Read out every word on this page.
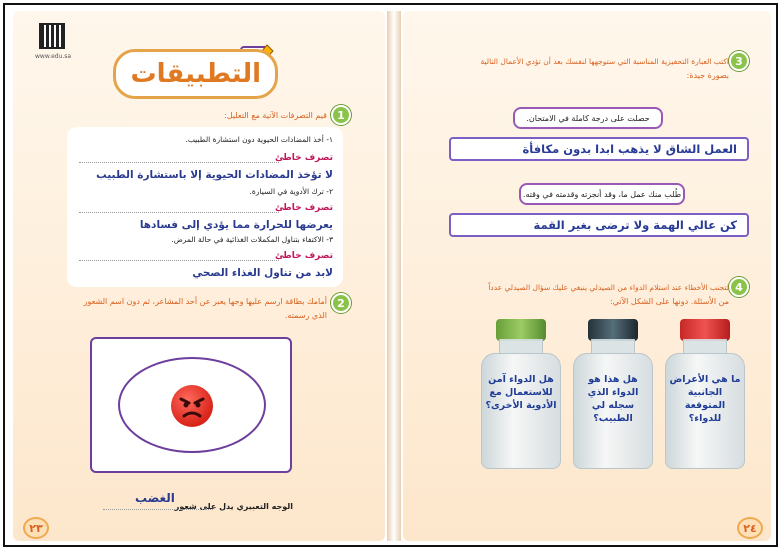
www.edu.sa
التطبيقات
1
قيم التصرفات الآتية مع التعليل:
١- أخذ المضادات الحيوية دون استشارة الطبيب.
تصرف خاطئ
لا تؤخذ المضادات الحيوية إلا باستشارة الطبيب
٢- ترك الأدوية في السيارة.
تصرف خاطئ
يعرضها للحرارة مما يؤدي إلى فسادها
٣- الاكتفاء بتناول المكملات الغذائية في حالة المرض.
تصرف خاطئ
لابد من تناول الغذاء الصحي
2
أمامك بطاقة ارسم عليها وجها يعبر عن أحد المشاعر، ثم دون اسم الشعور
الذي رسمته.
الوجه التعبيري يدل على شعور
الغضب
٢٣
3
اكتب العبارة التحفيزية المناسبة التي ستوجهها لنفسك بعد أن تؤدي الأعمال التالية
بصورة جيدة:
حصلت على درجة كاملة في الامتحان.
العمل الشاق لا يذهب ابدا بدون مكافأة
طُلب منك عمل ما، وقد أنجزته وقدمته في وقته.
كن عالي الهمة ولا ترضى بغير القمة
4
لتجنب الأخطاء عند استلام الدواء من الصيدلي ينبغي عليك سؤال الصيدلي عدداً
من الأسئلة. دونها على الشكل الآتي:
ما هي الأعراض الجانبية المتوقعة للدواء؟
هل هذا هو الدواء الذي سجله لي الطبيب؟
هل الدواء آمن للاستعمال مع الأدوية الأخرى؟
٢٤
